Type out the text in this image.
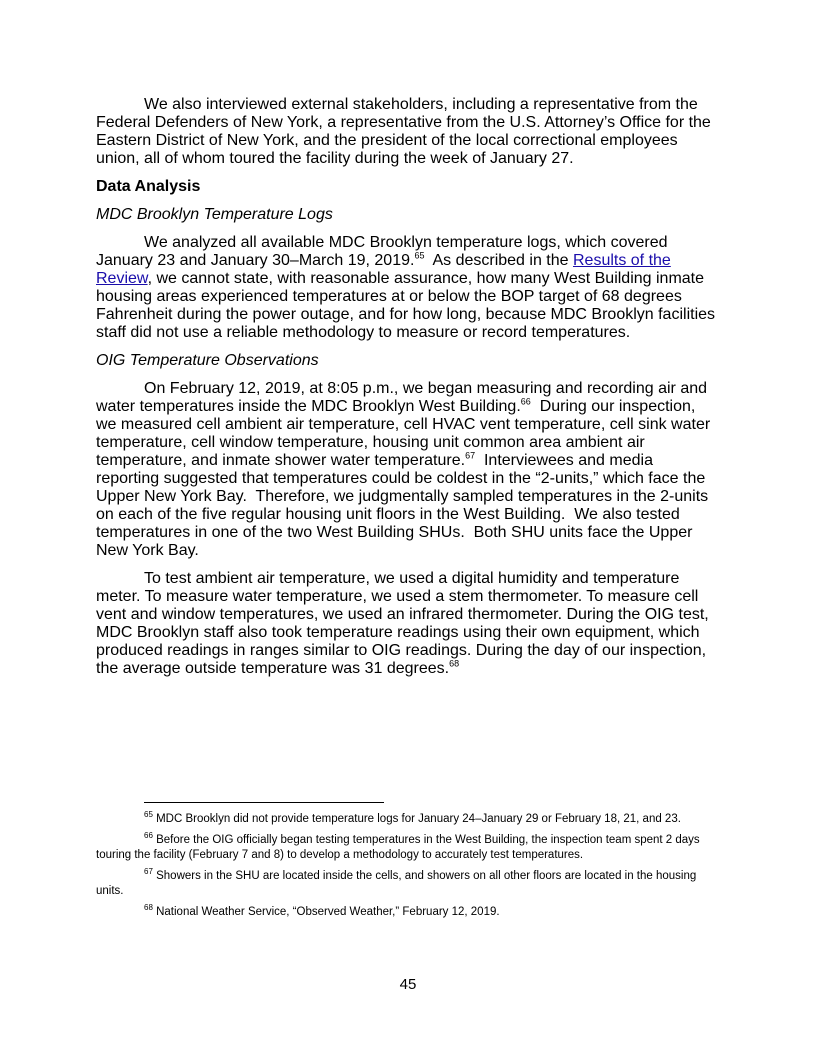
We also interviewed external stakeholders, including a representative from the Federal Defenders of New York, a representative from the U.S. Attorney’s Office for the Eastern District of New York, and the president of the local correctional employees union, all of whom toured the facility during the week of January 27.

Data Analysis

MDC Brooklyn Temperature Logs

We analyzed all available MDC Brooklyn temperature logs, which covered January 23 and January 30–March 19, 2019.65  As described in the Results of the Review, we cannot state, with reasonable assurance, how many West Building inmate housing areas experienced temperatures at or below the BOP target of 68 degrees Fahrenheit during the power outage, and for how long, because MDC Brooklyn facilities staff did not use a reliable methodology to measure or record temperatures.

OIG Temperature Observations

On February 12, 2019, at 8:05 p.m., we began measuring and recording air and water temperatures inside the MDC Brooklyn West Building.$^{66}$  During our inspection, we measured cell ambient air temperature, cell HVAC vent temperature, cell sink water temperature, cell window temperature, housing unit common area ambient air temperature, and inmate shower water temperature.$^{67}$  Interviewees and media reporting suggested that temperatures could be coldest in the “2-units,” which face the Upper New York Bay.  Therefore, we judgmentally sampled temperatures in the 2-units on each of the five regular housing unit floors in the West Building.  We also tested temperatures in one of the two West Building SHUs.  Both SHU units face the Upper New York Bay.

To test ambient air temperature, we used a digital humidity and temperature meter. To measure water temperature, we used a stem thermometer. To measure cell vent and window temperatures, we used an infrared thermometer. During the OIG test, MDC Brooklyn staff also took temperature readings using their own equipment, which produced readings in ranges similar to OIG readings. During the day of our inspection, the average outside temperature was 31 degrees.$^{68}$

$^{65}$ MDC Brooklyn did not provide temperature logs for January 24–January 29 or February 18, 21, and 23.

$^{66}$ Before the OIG officially began testing temperatures in the West Building, the inspection team spent 2 days touring the facility (February 7 and 8) to develop a methodology to accurately test temperatures.

$^{67}$ Showers in the SHU are located inside the cells, and showers on all other floors are located in the housing units.

$^{68}$ National Weather Service, “Observed Weather,” February 12, 2019.

45
